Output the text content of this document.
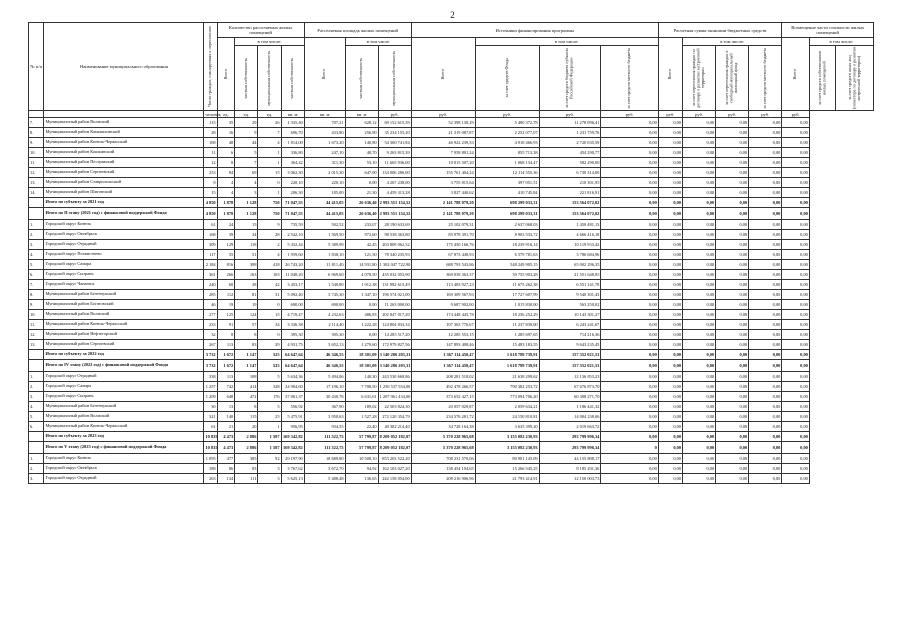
2
№ п/п	Наименование муниципального образования	Число граждан, планируемых к переселению	Количество расселяемых жилых помещений				Расселяемая площадь жилых помещений			Источники финансирования программы				Расчетная сумма экономии бюджетных средств				Возмещение части стоимости жилых помещений		

			Всего	в том числе:			Всего	в том числе		Всего	в том числе:			Всего	в том числе:			Всего	в том числе:	

				частная собственность	муниципальная собственность	частная собственность		частная собственность	муниципальная собственность		за счет средств Фонда	за счет средств бюджета субъекта Российской Федерации	за счет средств местного бюджета		за счет переселения граждан по договору о развитии застроенной территории	за счет переселения граждан в свободный муниципальный жилищный фонд	за счет средств местного бюджета		за счет средств собственников жилых помещений	за счет средств иных лиц (инвестора по договору о развитии застроенной территории)

		человек	ед.	ед.	ед.	кв. м	кв. м	кв. м	руб.	руб.	руб.	руб.	руб.	руб.	руб.	руб.	руб.	руб.		
7.	Муниципальный район Волжский	115	35	29	26	1 335,40	707,21	628,12	69 152 615,39	52 398 130,29	5 480 372,78	11 278 096,41	0,00	0,00	0,00	0,00	0,00	0,00		
8.	Муниципальный район Камышлинский	28	16	9	7	696,70	433,80	256,90	35 234 155,20	21 319 087,87	2 252 077,07	1 231 759,76	0,00	0,00	0,00	0,00	0,00	0,00		
9.	Муниципальный район Кинель-Черкасский	108	48	44	4	1 814,00	1 673,20	140,80	54 360 741,84	46 922 239,33	4 918 466,93	2 720 035,59	0,00	0,00	0,00	0,00	0,00	0,00		
10.	Муниципальный район Кошкинский	11	6	5	1	336,80	247,10	48,70	9 263 815,39	7 958 801,24	855 713,38	454 290,77	0,00	0,00	0,00	0,00	0,00	0,00		
11.	Муниципальный район Пестравский	12	8	7	1	364,42	311,30	53,10	11 665 936,00	10 015 507,20	1 068 134,47	582 290,00	0,00	0,00	0,00	0,00	0,00	0,00		
12.	Муниципальный район Сергиевский	253	84	69	15	3 062,30	2 015,30	647,00	134 006 286,00	155 761 404,24	12 114 555,36	6 730 314,00	0,00	0,00	0,00	0,00	0,00	0,00		
13.	Муниципальный район Ставропольский	8	4	4	0	220,10	220,10	0,00	4 267 238,00	3 755 815,64	397 051,51	210 301,95	0,00	0,00	0,00	0,00	0,00	0,00		
14.	Муниципальный район Шигонский	15	4	3	1	206,30	185,00	21,30	4 459 313,28	3 827 440,62	410 745,84	221 816,91	0,00	0,00	0,00	0,00	0,00	0,00		
	Итого по субъекту за 2021 год	4 850	1 878	1 128	750	71 047,55	44 415,05	26 636,40	2 993 551 154,52	2 141 788 079,20	698 299 033,31	153 564 072,02	0,00	0,00	0,00	0,00	0,00	0,00		
	Итого по II этапу (2021 год) с финансовой поддержкой Фонда	4 850	1 878	1 128	750	71 047,55	44 415,05	26 636,40	2 993 551 154,52	2 141 788 079,20	698 299 033,31	153 564 072,02	0,00	0,00	0,00	0,00	0,00	0,00		
1.	Городской округ Кинель	61	24	15	9	735,59	502,52	233,07	28 190 633,69	25 102 079,31	2 637 068,03	1 450 481,13	0,00	0,00	0,00	0,00	0,00	0,00		
2.	Городской округ Октябрьск	168	39	34	28	2 542,10	1 569,50	972,60	98 538 363,80	85 978 391,70	8 903 533,72	4 666 416,18	0,00	0,00	0,00	0,00	0,00	0,00		
3.	Городской округ Отрадный	309	129	118	2	5 432,44	5 389,99	42,45	203 809 062,32	175 450 166,76	18 239 916,14	10 119 933,42	0,00	0,00	0,00	0,00	0,00	0,00		
4.	Городской округ Похвистнево	117	55	51	4	1 959,60	1 838,10	121,50	78 340 235,93	67 873 448,93	6 579 781,63	3 786 684,96	0,00	0,00	0,00	0,00	0,00	0,00		
5.	Городской округ Самара	2 184	816	398	418	26 743,20	11 811,40	14 931,80	1 302 047 722,90	688 793 543,86	548 249 905,15	65 002 296,35	0,00	0,00	0,00	0,00	0,00	0,00		
6.	Городской округ Сызрань	361	266	163	103	11 048,20	6 969,60	4 078,50	435 032 053,90	369 039 363,37	39 755 903,28	21 551 648,85	0,00	0,00	0,00	0,00	0,00	0,00		
7.	Городской округ Чапаевск	240	60	38	42	3 453,17	1 540,80	1 912,38	131 982 615,49	113 483 927,23	11 675 262,38	6 551 141,78	0,00	0,00	0,00	0,00	0,00	0,00		
8.	Муниципальный район Безенчукский	285	112	81	31	5 092,40	3 745,30	1 347,10	196 574 021,00	169 309 567,93	17 727 607,99	9 540 301,43	0,00	0,00	0,00	0,00	0,00	0,00		
9.	Муниципальный район Богатовский	46	19	19	0	690,00	690,00	0,00	11 263 000,00	9 687 902,00	1 015 830,00	563 250,02	0,00	0,00	0,00	0,00	0,00	0,00		
10.	Муниципальный район Волжский	277	125	124	15	4 719,47	4 232,63	486,83	202 847 017,20	174 448 445,78	18 256 252,29	10 143 301,27	0,00	0,00	0,00	0,00	0,00	0,00		
11.	Муниципальный район Кинель-Черкасский	233	91	57	34	3 336,38	2 114,40	1 222,28	124 804 833,34	107 363 776,67	11 237 839,00	6 243 241,67	0,00	0,00	0,00	0,00	0,00	0,00		
12.	Муниципальный район Нефтегорский	32	8	8	0	395,30	395,30	0,00	14 285 517,20	12 285 553,15	1 285 697,65	714 216,36	0,00	0,00	0,00	0,00	0,00	0,00		
13.	Муниципальный район Сергиевский	267	113	83	29	4 931,75	3 652,13	1 279,60	172 979 827,56	147 893 408,46	15 483 183,55	9 643 235,45	0,00	0,00	0,00	0,00	0,00	0,00		
	Итого по субъекту за 2022 год	3 732	1 672	1 147	525	64 647,64	46 346,55	18 301,09	3 140 286 203,31	1 367 114 450,47	1 618 789 739,91	157 352 021,53	0,00	0,00	0,00	0,00	0,00	0,00		
	Итого по IV этапу (2022 год) с финансовой поддержкой Фонда	3 732	1 672	1 147	525	64 647,64	46 346,55	18 301,09	3 140 286 203,31	1 367 114 450,47	1 618 789 739,91	157 352 021,53	0,00	0,00	0,00	0,00	0,00	0,00		
1.	Городской округ Отрадный	338	113	108	5	5 634,36	5 494,06	140,30	243 530 668,86	208 281 518,02	21 638 299,62	12 136 853,23	0,00	0,00	0,00	0,00	0,00	0,00		
2.	Городской округ Самара	1 257	742	414	328	24 904,60	17 196,10	7 708,50	1 250 537 554,00	492 478 266,57	790 382 253,72	67 676 873,70	0,00	0,00	0,00	0,00	0,00	0,00		
3.	Городской округ Сызрань	1 209	648	472	176	37 061,37	30 430,76	6 631,61	1 207 961 434,00	373 652 427,15	773 094 706,20	60 308 271,70	0,00	0,00	0,00	0,00	0,00	0,00		
4.	Муниципальный район Безенчукский	30	13	8	5	556,92	367,90	189,02	22 503 824,30	20 057 029,87	2 059 634,21	1 186 441,32	0,00	0,00	0,00	0,00	0,00	0,00		
5.	Муниципальный район Волжский	321	140	115	25	5 475,91	3 950,63	1 527,28	272 120 354,79	234 376 281,72	24 150 810,81	14 004 238,06	0,00	0,00	0,00	0,00	0,00	0,00		
6.	Муниципальный район Кинель-Черкасский	61	21	20	1	956,95	934,55	22,40	40 382 214,40	34 728 164,38	3 635 399,20	2 019 663,72	0,00	0,00	0,00	0,00	0,00	0,00		
	Итого по субъекту за 2023 год	10 835	4 473	2 886	1 587	169 342,82	111 522,75	57 799,87	8 209 052 182,07	5 370 228 965,68	3 155 082 230,93	293 799 996,34	0,00	0,00	0,00	0,00	0,00	0,00		
	Итого по V этапу (2023 год) с финансовой поддержкой Фонда	10 835	4 473	2 886	1 587	169 342,82	111 522,75	57 799,87	8 209 052 182,07	5 370 228 965,68	3 155 082 230,93	293 799 996,34	0	0,00	0,00	0,00	0,00	0,00		
1.	Городской округ Кинель	1 095	477	385	92	29 197,90	18 689,80	10 508,10	853 203 522,20	708 231 570,06	80 901 145,09	44 155 808,17	0,00	0,00	0,00	0,00	0,00	0,00		
2.	Городской округ Октябрьск	188	86	83	3	3 767,62	3 672,70	94,92	162 103 027,20	138 454 194,65	15 266 545,25	8 185 291,36	0,00	0,00	0,00	0,00	0,00	0,00		
3.	Городской округ Отрадный	263	134	111	3	5 625,13	5 488,48	136,65	242 158 054,00	208 216 906,96	21 793 414,91	12 150 003,73	0,00	0,00	0,00	0,00	0,00	0,00		
